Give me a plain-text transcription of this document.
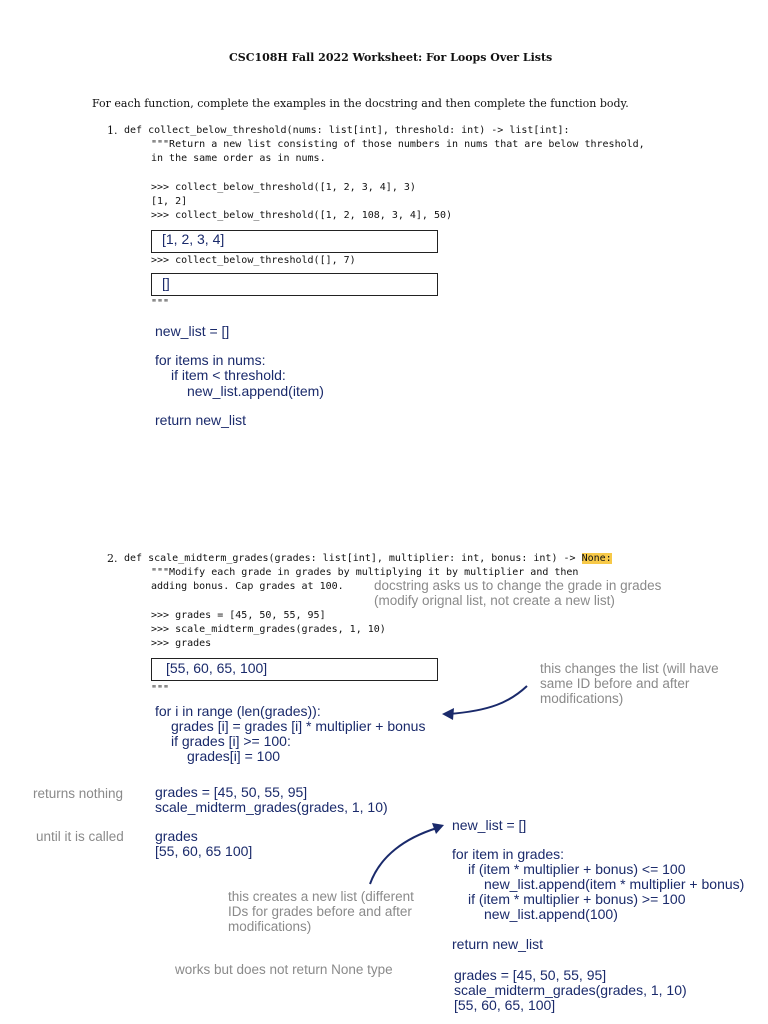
CSC108H Fall 2022 Worksheet: For Loops Over Lists
For each function, complete the examples in the docstring and then complete the function body.
1. def collect_below_threshold(nums: list[int], threshold: int) -> list[int]:
"""Return a new list consisting of those numbers in nums that are below threshold,
in the same order as in nums.
>>> collect_below_threshold([1, 2, 3, 4], 3)
[1, 2]
>>> collect_below_threshold([1, 2, 108, 3, 4], 50)
[1, 2, 3, 4]
>>> collect_below_threshold([], 7)
[]
"""
new_list = []
for items in nums:
if item < threshold:
new_list.append(item)
return new_list
2. def scale_midterm_grades(grades: list[int], multiplier: int, bonus: int) -> None:
"""Modify each grade in grades by multiplying it by multiplier and then
adding bonus. Cap grades at 100. docstring asks us to change the grade in grades
(modify orignal list, not create a new list)
>>> grades = [45, 50, 55, 95]
>>> scale_midterm_grades(grades, 1, 10)
>>> grades
[55, 60, 65, 100]
"""
this changes the list (will have
same ID before and after
modifications)
for i in range (len(grades)):
grades [i] = grades [i] * multiplier + bonus
if grades [i] >= 100:
grades[i] = 100
returns nothing grades = [45, 50, 55, 95]
scale_midterm_grades(grades, 1, 10)
until it is called grades
[55, 60, 65 100]
new_list = []
for item in grades:
if (item * multiplier + bonus) <= 100
new_list.append(item * multiplier + bonus)
if (item * multiplier + bonus) >= 100
new_list.append(100)
return new_list
this creates a new list (different
IDs for grades before and after
modifications)
works but does not return None type	grades = [45, 50, 55, 95]
scale_midterm_grades(grades, 1, 10)
[55, 60, 65, 100]
